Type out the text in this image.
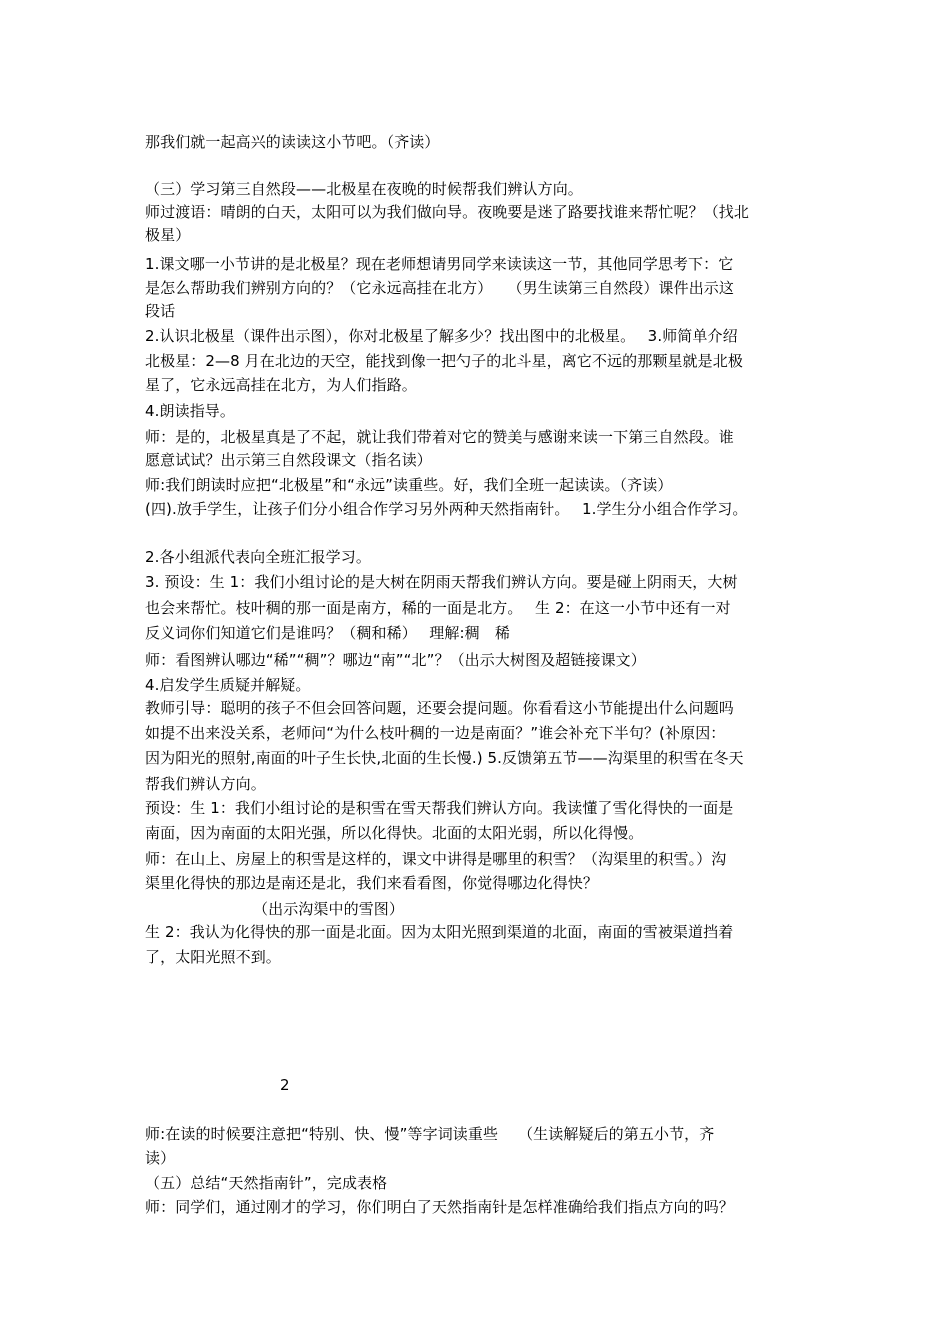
那我们就一起高兴的读读这小节吧。（齐读）
（三）学习第三自然段——北极星在夜晚的时候帮我们辨认方向。
师过渡语：晴朗的白天，太阳可以为我们做向导。夜晚要是迷了路要找谁来帮忙呢？（找北
极星）
1.课文哪一小节讲的是北极星？现在老师想请男同学来读读这一节，其他同学思考下：它
是怎么帮助我们辨别方向的？（它永远高挂在北方）　　（男生读第三自然段）课件出示这
段话
2.认识北极星（课件出示图），你对北极星了解多少？找出图中的北极星。　 3.师简单介绍
北极星：2—8 月在北边的天空，能找到像一把勺子的北斗星，离它不远的那颗星就是北极
星了，它永远高挂在北方，为人们指路。
4.朗读指导。
师：是的，北极星真是了不起，就让我们带着对它的赞美与感谢来读一下第三自然段。谁
愿意试试？出示第三自然段课文（指名读）
师:我们朗读时应把“北极星”和“永远”读重些。好，我们全班一起读读。（齐读）
(四).放手学生，让孩子们分小组合作学习另外两种天然指南针。　 1.学生分小组合作学习。
2.各小组派代表向全班汇报学习。
3. 预设：生 1：我们小组讨论的是大树在阴雨天帮我们辨认方向。要是碰上阴雨天，大树
也会来帮忙。枝叶稠的那一面是南方，稀的一面是北方。　 生 2：在这一小节中还有一对
反义词你们知道它们是谁吗？（稠和稀）　 理解:稠　稀
师：看图辨认哪边“稀”“稠”？哪边“南”“北”？（出示大树图及超链接课文）
4.启发学生质疑并解疑。
教师引导：聪明的孩子不但会回答问题，还要会提问题。你看看这小节能提出什么问题吗
如提不出来没关系，老师问“为什么枝叶稠的一边是南面？”谁会补充下半句？(补原因：
因为阳光的照射,南面的叶子生长快,北面的生长慢.) 5.反馈第五节——沟渠里的积雪在冬天
帮我们辨认方向。
预设：生 1：我们小组讨论的是积雪在雪天帮我们辨认方向。我读懂了雪化得快的一面是
南面，因为南面的太阳光强，所以化得快。北面的太阳光弱，所以化得慢。
师：在山上、房屋上的积雪是这样的，课文中讲得是哪里的积雪？（沟渠里的积雪。）沟
渠里化得快的那边是南还是北，我们来看看图，你觉得哪边化得快？
（出示沟渠中的雪图）
生 2：我认为化得快的那一面是北面。因为太阳光照到渠道的北面，南面的雪被渠道挡着
了，太阳光照不到。
2
师:在读的时候要注意把“特别、快、慢”等字词读重些　 （生读解疑后的第五小节，齐
读）
（五）总结“天然指南针”，完成表格
师：同学们，通过刚才的学习，你们明白了天然指南针是怎样准确给我们指点方向的吗？
